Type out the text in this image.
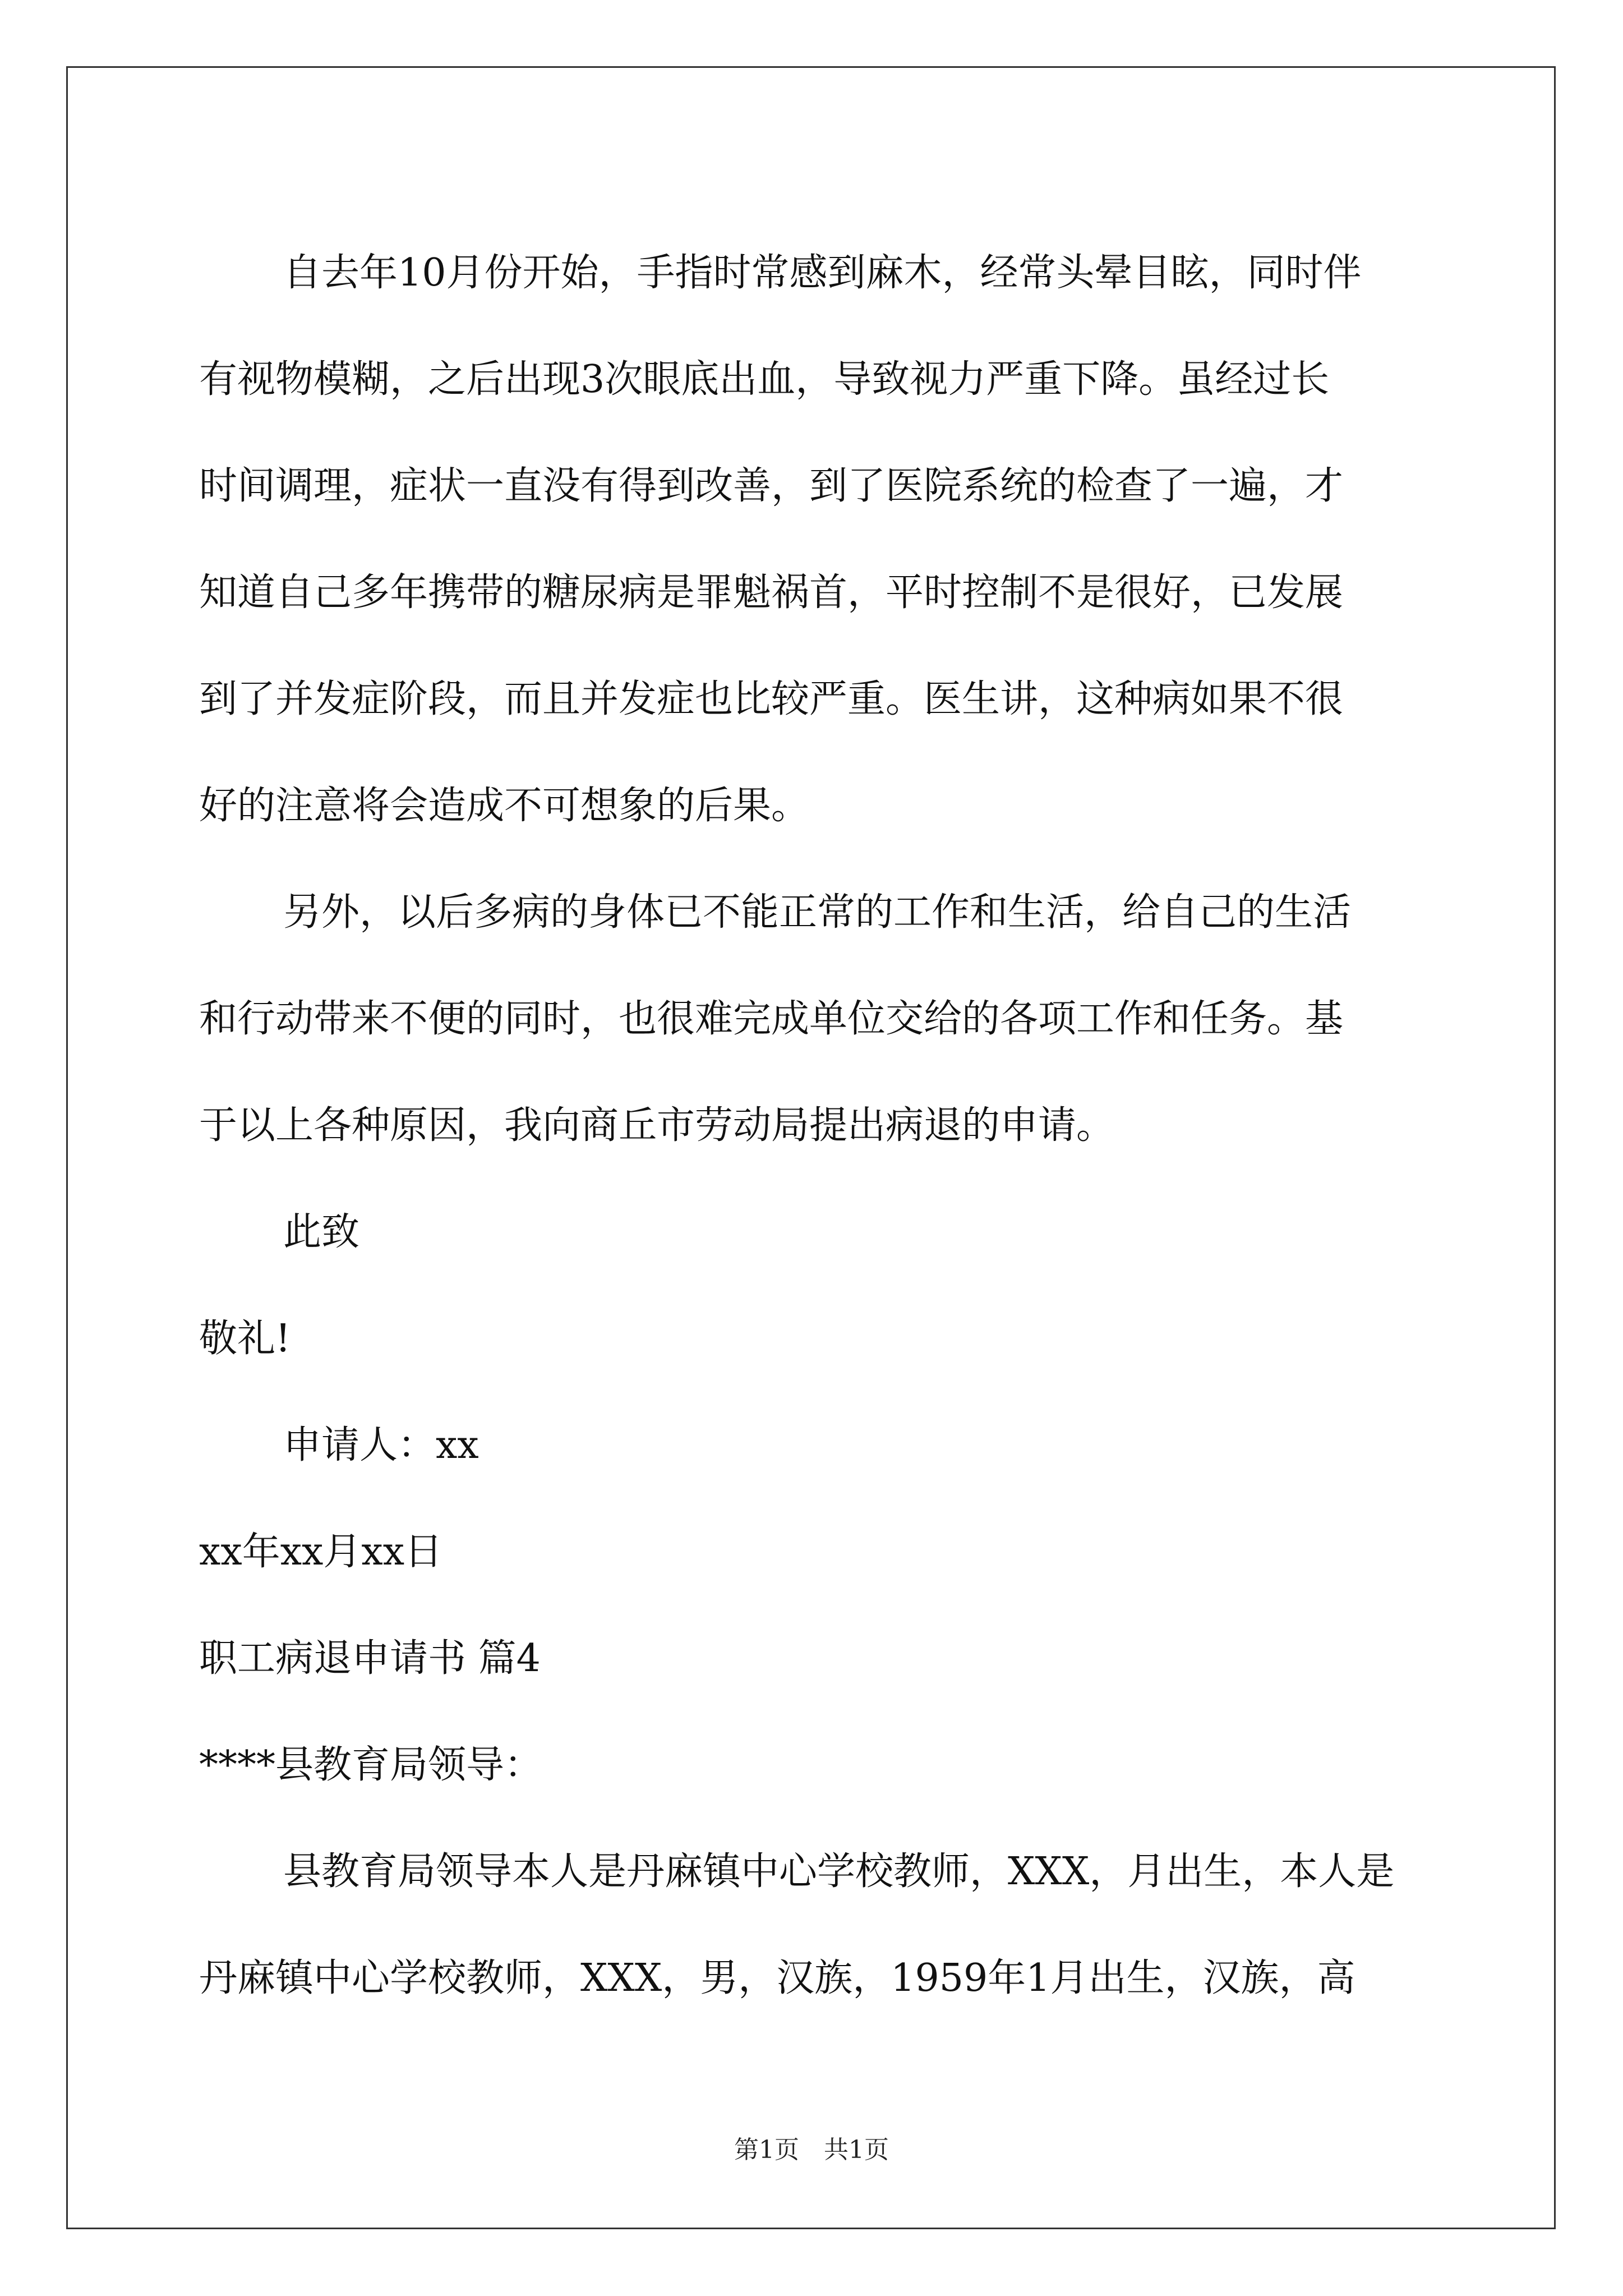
自去年10月份开始，手指时常感到麻木，经常头晕目眩，同时伴
有视物模糊，之后出现3次眼底出血，导致视力严重下降。虽经过长
时间调理，症状一直没有得到改善，到了医院系统的检查了一遍，才
知道自己多年携带的糖尿病是罪魁祸首，平时控制不是很好，已发展
到了并发症阶段，而且并发症也比较严重。医生讲，这种病如果不很
好的注意将会造成不可想象的后果。
另外，以后多病的身体已不能正常的工作和生活，给自己的生活
和行动带来不便的同时，也很难完成单位交给的各项工作和任务。基
于以上各种原因，我向商丘市劳动局提出病退的申请。
此致
敬礼!
申请人：xx
xx年xx月xx日
职工病退申请书 篇4
****县教育局领导：
县教育局领导本人是丹麻镇中心学校教师，XXX，月出生，本人是
丹麻镇中心学校教师，XXX，男，汉族，1959年1月出生，汉族，高
第1页 共1页
